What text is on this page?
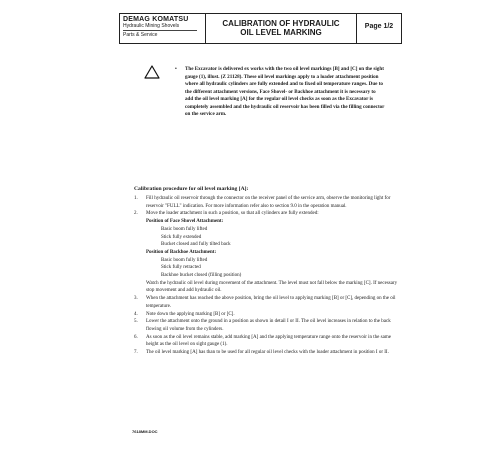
DEMAG KOMATSU
Hydraulic Mining Shovels
Parts & Service
CALIBRATION OF HYDRAULIC
OIL LEVEL MARKING
Page 1/2
• The Excavator is delivered ex works with the two oil level markings [B] and [C] on the sight gauge (1), illust. (Z 21128). These oil level markings apply to a loader attachment position where all hydraulic cylinders are fully extended and to fixed oil temperature ranges. Due to the different attachment versions, Face Shovel- or Backhoe attachment it is necessary to add the oil level marking [A] for the regular oil level checks as soon as the Excavator is completely assembled and the hydraulic oil reservoir has been filled via the filling connector on the service arm.
Calibration procedure for oil level marking [A]:
1. Fill hydraulic oil reservoir through the connector on the receiver panel of the service arm, observe the monitoring light for reservoir "FULL" indication. For more information refer also to section 9.0 in the operation manual.
2. Move the loader attachment in such a position, so that all cylinders are fully extended:
Position of Face Shovel Attachment:
Basic boom fully lifted
Stick fully extended
Bucket closed and fully tilted back
Position of Backhoe Attachment:
Basic boom fully lifted
Stick fully retracted
Backhoe bucket closed (filling position)
Watch the hydraulic oil level during movement of the attachment. The level must not fall below the marking [C]. If necessary stop movement and add hydraulic oil.
3. When the attachment has reached the above position, bring the oil level to applying marking [B] or [C], depending on the oil temperature.
4. Note down the applying marking [B] or [C].
5. Lower the attachment onto the ground in a position as shown in detail I or II. The oil level increases in relation to the back flowing oil volume from the cylinders.
6. As soon as the oil level remains stable, add marking [A] and the applying temperature range onto the reservoir in the same height as the oil level on sight gauge (1).
7. The oil level marking [A] has than to be used for all regular oil level checks with the loader attachment in position I or II.
7618MM.DOC
